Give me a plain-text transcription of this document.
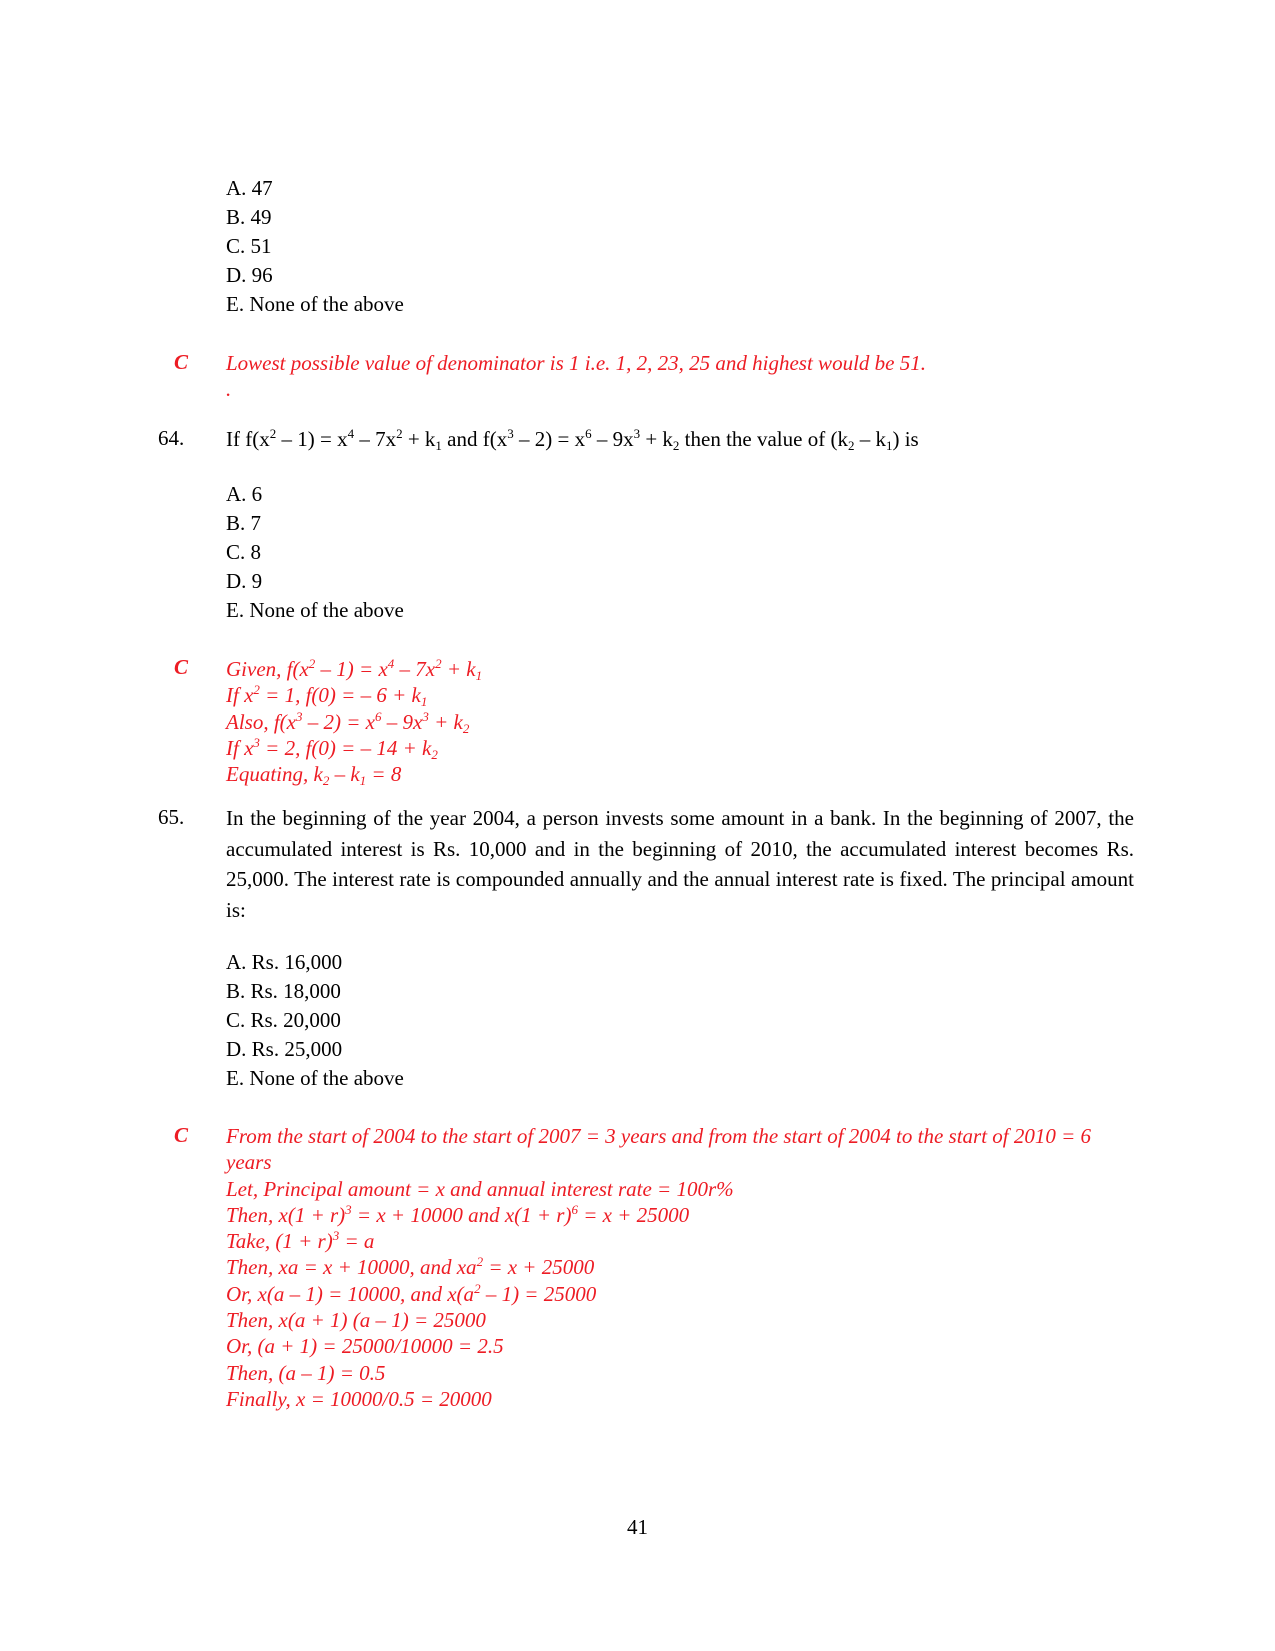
A. 47
B. 49
C. 51
D. 96
E. None of the above
C Lowest possible value of denominator is 1 i.e. 1, 2, 23, 25 and highest would be 51.
.
64. If $f(x^2 - 1) = x^4 - 7x^2 + k_1$ and $f(x^3 - 2) = x^6 - 9x^3 + k_2$ then the value of $(k_2 - k_1)$ is
A. 6
B. 7
C. 8
D. 9
E. None of the above
C Given, $f(x^2 - 1) = x^4 - 7x^2 + k_1$
If $x^2 = 1$, f(0) = – $6 + k_1$
Also, $f(x^3 - 2) = x^6 - 9x^3 + k_2$
If $x^3 = 2$, f(0) = – $14 + k_2$
Equating, $k_2 - k_1 = 8$
65. In the beginning of the year 2004, a person invests some amount in a bank. In the beginning of 2007, the accumulated interest is Rs. 10,000 and in the beginning of 2010, the accumulated interest becomes Rs. 25,000. The interest rate is compounded annually and the annual interest rate is fixed. The principal amount is:
A. Rs. 16,000
B. Rs. 18,000
C. Rs. 20,000
D. Rs. 25,000
E. None of the above
C From the start of 2004 to the start of 2007 = 3 years and from the start of 2004 to the start of 2010 = 6 years
Let, Principal amount = x and annual interest rate = 100r%
Then, $x(1 + r)^3 = x + 10000$ and $x(1 + r)^6 = x + 25000$
Take, $(1 + r)^3 = a$
Then, xa = x + 10000, and $xa^2 = x + 25000$
Or, x(a – 1) = 10000, and $x(a^2 - 1) = 25000$
Then, x(a + 1) (a – 1) = 25000
Or, (a + 1) = 25000/10000 = 2.5
Then, (a – 1) = 0.5
Finally, x = 10000/0.5 = 20000
41
